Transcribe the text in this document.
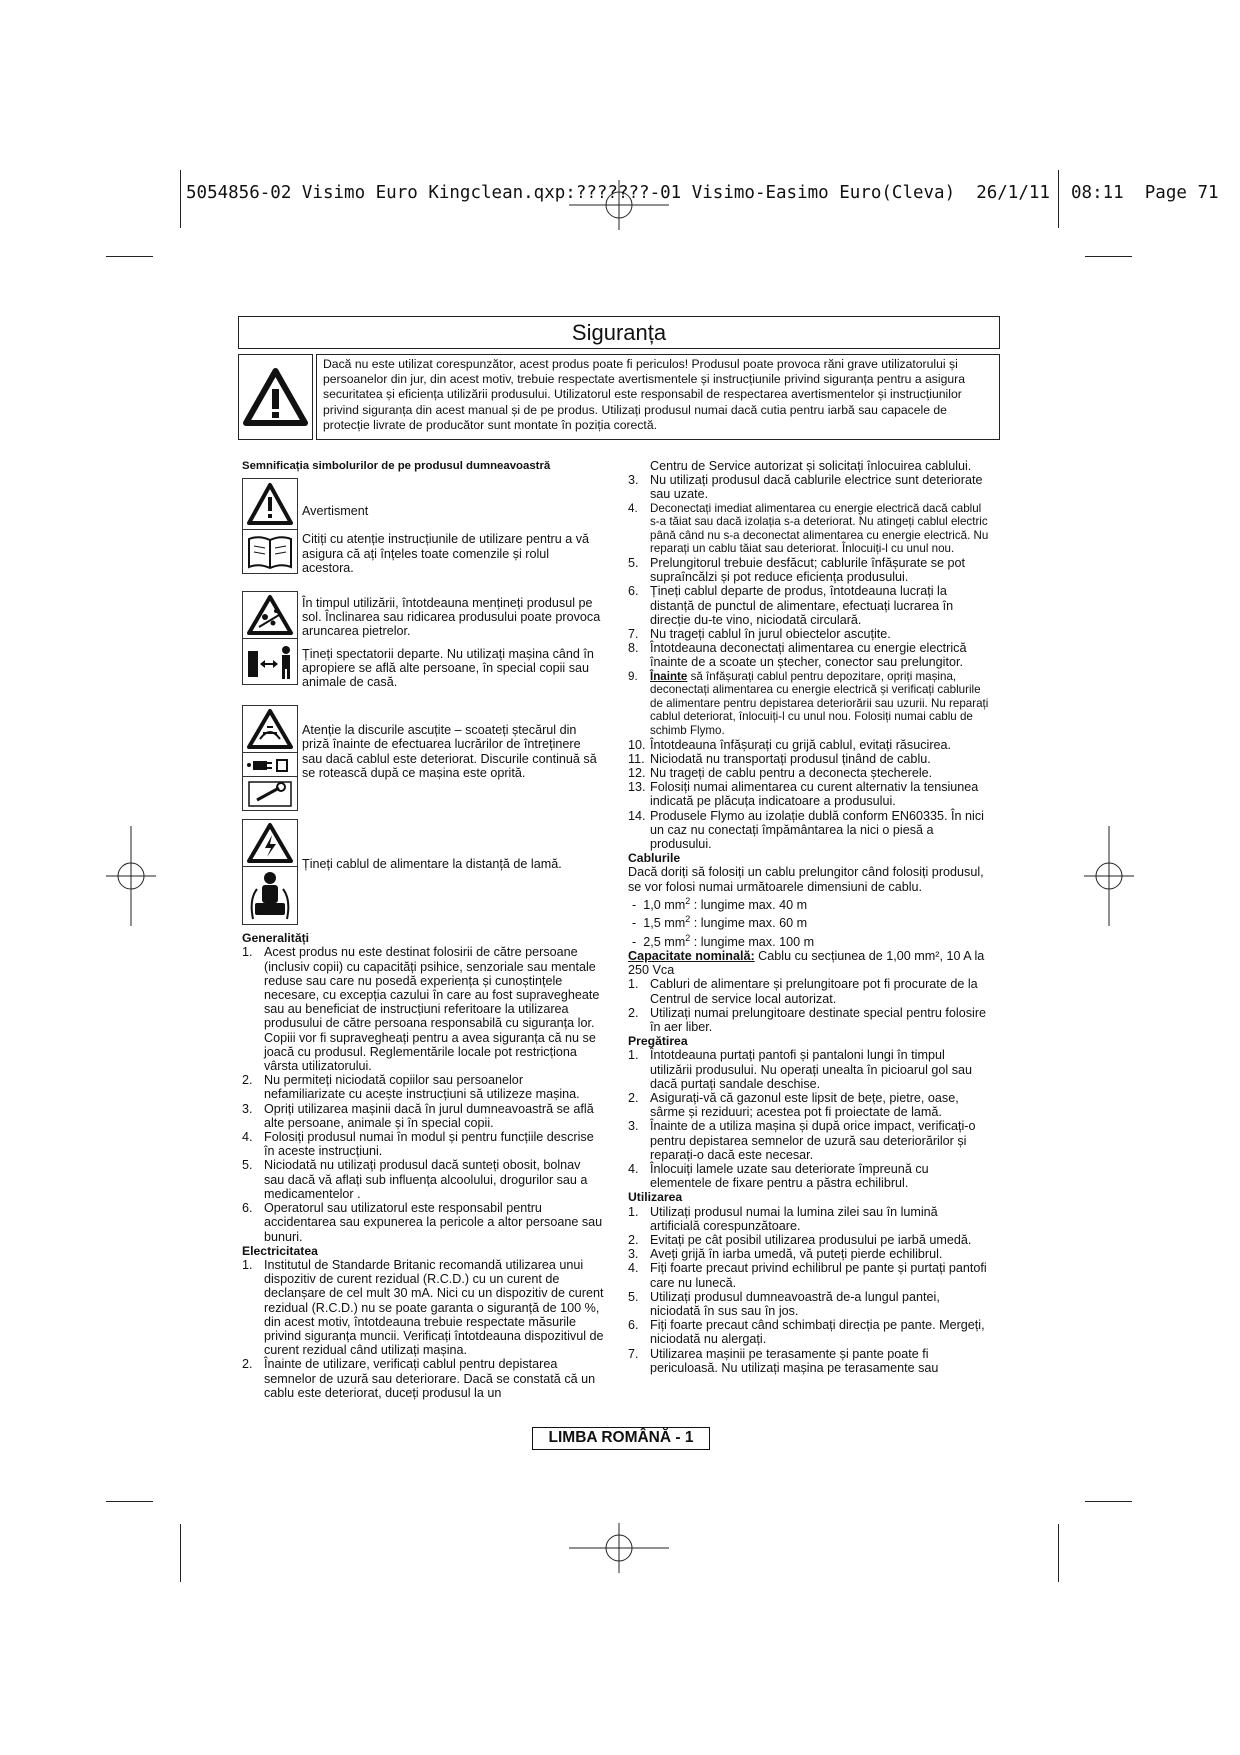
5054856-02 Visimo Euro Kingclean.qxp:???????-01 Visimo-Easimo Euro(Cleva)  26/1/11  08:11  Page 71
Siguranța
Dacă nu este utilizat corespunzător, acest produs poate fi periculos! Produsul poate provoca răni grave utilizatorului și persoanelor din jur, din acest motiv, trebuie respectate avertismentele și instrucțiunile privind siguranța pentru a asigura securitatea și eficiența utilizării produsului. Utilizatorul este responsabil de respectarea avertismentelor și instrucțiunilor privind siguranța din acest manual și de pe produs. Utilizați produsul numai dacă cutia pentru iarbă sau capacele de protecție livrate de producător sunt montate în poziția corectă.
Semnificația simbolurilor de pe produsul dumneavoastră

Avertisment

Citiți cu atenție instrucțiunile de utilizare pentru a vă asigura că ați înțeles toate comenzile și rolul acestora.

În timpul utilizării, întotdeauna mențineți produsul pe sol. Înclinarea sau ridicarea produsului poate provoca aruncarea pietrelor.

Țineți spectatorii departe. Nu utilizați mașina când în apropiere se află alte persoane, în special copii sau animale de casă.

Atenție la discurile ascuțite – scoateți ștecărul din priză înainte de efectuarea lucrărilor de întreținere sau dacă cablul este deteriorat. Discurile continuă să se rotească după ce mașina este oprită.

Țineți cablul de alimentare la distanță de lamă.

Generalități
1. Acest produs nu este destinat folosirii de către persoane (inclusiv copii) cu capacități psihice, senzoriale sau mentale reduse sau care nu posedă experiența și cunoștințele necesare, cu excepția cazului în care au fost supravegheate sau au beneficiat de instrucțiuni referitoare la utilizarea produsului de către persoana responsabilă cu siguranța lor. Copiii vor fi supravegheați pentru a avea siguranța că nu se joacă cu produsul. Reglementările locale pot restricționa vârsta utilizatorului.
2. Nu permiteți niciodată copiilor sau persoanelor nefamiliarizate cu acește instrucțiuni să utilizeze mașina.
3. Opriți utilizarea mașinii dacă în jurul dumneavoastră se află alte persoane, animale și în special copii.
4. Folosiți produsul numai în modul și pentru funcțiile descrise în aceste instrucțiuni.
5. Niciodată nu utilizați produsul dacă sunteți obosit, bolnav sau dacă vă aflați sub influența alcoolului, drogurilor sau a medicamentelor .
6. Operatorul sau utilizatorul este responsabil pentru accidentarea sau expunerea la pericole a altor persoane sau bunuri.
Electricitatea
1. Institutul de Standarde Britanic recomandă utilizarea unui dispozitiv de curent rezidual (R.C.D.) cu un curent de declanșare de cel mult 30 mA. Nici cu un dispozitiv de curent rezidual (R.C.D.) nu se poate garanta o siguranță de 100 %, din acest motiv, întotdeauna trebuie respectate măsurile privind siguranța muncii. Verificați întotdeauna dispozitivul de curent rezidual când utilizați mașina.
2. Înainte de utilizare, verificați cablul pentru depistarea semnelor de uzură sau deteriorare. Dacă se constată că un cablu este deteriorat, duceți produsul la un
Centru de Service autorizat și solicitați înlocuirea cablului.
3. Nu utilizați produsul dacă cablurile electrice sunt deteriorate sau uzate.
4. Deconectați imediat alimentarea cu energie electrică dacă cablul s-a tăiat sau dacă izolația s-a deteriorat. Nu atingeți cablul electric până când nu s-a deconectat alimentarea cu energie electrică. Nu reparați un cablu tăiat sau deteriorat. Înlocuiți-l cu unul nou.
5. Prelungitorul trebuie desfăcut; cablurile înfășurate se pot supraîncălzi și pot reduce eficiența produsului.
6. Țineți cablul departe de produs, întotdeauna lucrați la distanță de punctul de alimentare, efectuați lucrarea în direcție du-te vino, niciodată circulară.
7. Nu trageți cablul în jurul obiectelor ascuțite.
8. Întotdeauna deconectați alimentarea cu energie electrică înainte de a scoate un ștecher, conector sau prelungitor.
9. Înainte să înfășurați cablul pentru depozitare, opriți mașina, deconectați alimentarea cu energie electrică și verificați cablurile de alimentare pentru depistarea deteriorării sau uzurii. Nu reparați cablul deteriorat, înlocuiți-l cu unul nou. Folosiți numai cablu de schimb Flymo.
10. Întotdeauna înfășurați cu grijă cablul, evitați răsucirea.
11. Niciodată nu transportați produsul ținând de cablu.
12. Nu trageți de cablu pentru a deconecta ștecherele.
13. Folosiți numai alimentarea cu curent alternativ la tensiunea indicată pe plăcuța indicatoare a produsului.
14. Produsele Flymo au izolație dublă conform EN60335. În nici un caz nu conectați împământarea la nici o piesă a produsului.
Cablurile
Dacă doriți să folosiți un cablu prelungitor când folosiți produsul, se vor folosi numai următoarele dimensiuni de cablu.
-  1,0 $mm^2$ : lungime max. 40 m
-  1,5 $mm^2$ : lungime max. 60 m
-  2,5 $mm^2$ : lungime max. 100 m

Capacitate nominală: Cablu cu secțiunea de 1,00 mm², 10 A la 250 Vca

1. Cabluri de alimentare și prelungitoare pot fi procurate de la Centrul de service local autorizat.
2. Utilizați numai prelungitoare destinate special pentru folosire în aer liber.
Pregătirea
1. Întotdeauna purtați pantofi și pantaloni lungi în timpul utilizării produsului. Nu operați unealta în picioarul gol sau dacă purtați sandale deschise.
2. Asigurați-vă că gazonul este lipsit de bețe, pietre, oase, sârme și reziduuri; acestea pot fi proiectate de lamă.
3. Înainte de a utiliza mașina și după orice impact, verificați-o pentru depistarea semnelor de uzură sau deteriorărilor și reparați-o dacă este necesar.
4. Înlocuiți lamele uzate sau deteriorate împreună cu elementele de fixare pentru a păstra echilibrul.
Utilizarea
1. Utilizați produsul numai la lumina zilei sau în lumină artificială corespunzătoare.
2. Evitați pe cât posibil utilizarea produsului pe iarbă umedă.
3. Aveți grijă în iarba umedă, vă puteți pierde echilibrul.
4. Fiți foarte precaut privind echilibrul pe pante și purtați pantofi care nu lunecă.
5. Utilizați produsul dumneavoastră de-a lungul pantei, niciodată în sus sau în jos.
6. Fiți foarte precaut când schimbați direcția pe pante. Mergeți, niciodată nu alergați.
7. Utilizarea mașinii pe terasamente și pante poate fi periculoasă. Nu utilizați mașina pe terasamente sau
LIMBA ROMÂNĂ - 1
